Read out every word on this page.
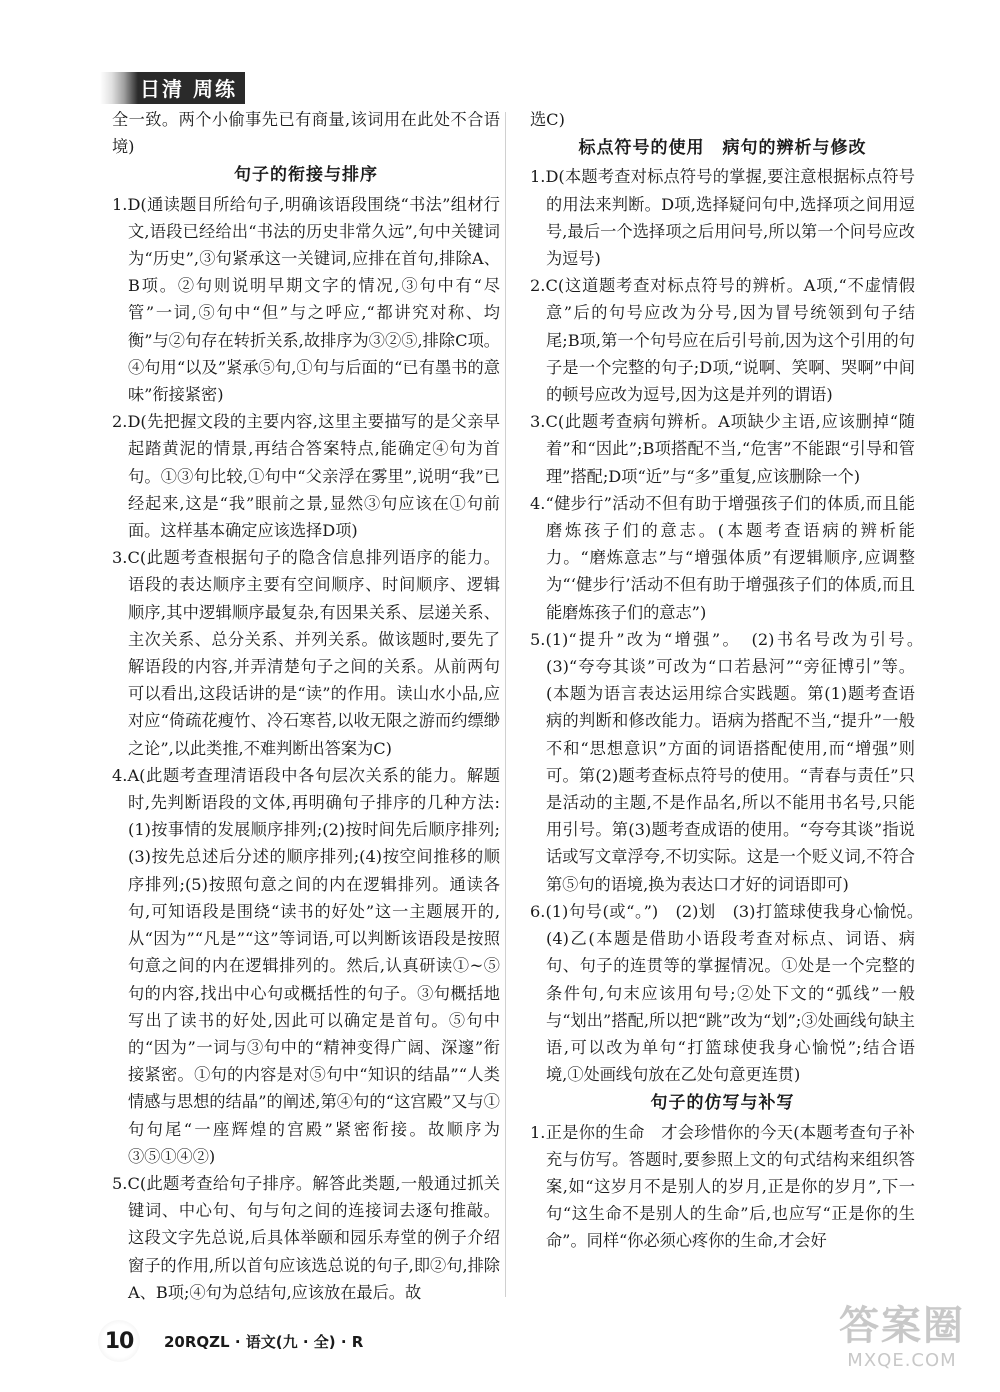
日清 周练

全一致。两个小偷事先已有商量,该词用在此处不合语境)

句子的衔接与排序

1.D(通读题目所给句子,明确该语段围绕“书法”组材行文,语段已经给出“书法的历史非常久远”,句中关键词为“历史”,③句紧承这一关键词,应排在首句,排除A、B项。②句则说明早期文字的情况,③句中有“尽管”一词,⑤句中“但”与之呼应,“都讲究对称、均衡”与②句存在转折关系,故排序为③②⑤,排除C项。④句用“以及”紧承⑤句,①句与后面的“已有墨书的意味”衔接紧密)

2.D(先把握文段的主要内容,这里主要描写的是父亲早起踏黄泥的情景,再结合答案特点,能确定④句为首句。①③句比较,①句中“父亲浮在雾里”,说明“我”已经起来,这是“我”眼前之景,显然③句应该在①句前面。这样基本确定应该选择D项)

3.C(此题考查根据句子的隐含信息排列语序的能力。语段的表达顺序主要有空间顺序、时间顺序、逻辑顺序,其中逻辑顺序最复杂,有因果关系、层递关系、主次关系、总分关系、并列关系。做该题时,要先了解语段的内容,并弄清楚句子之间的关系。从前两句可以看出,这段话讲的是“读”的作用。读山水小品,应对应“倚疏花瘦竹、冷石寒苔,以收无限之游而约缥缈之论”,以此类推,不难判断出答案为C)

4.A(此题考查理清语段中各句层次关系的能力。解题时,先判断语段的文体,再明确句子排序的几种方法:(1)按事情的发展顺序排列;(2)按时间先后顺序排列;(3)按先总述后分述的顺序排列;(4)按空间推移的顺序排列;(5)按照句意之间的内在逻辑排列。通读各句,可知语段是围绕“读书的好处”这一主题展开的,从“因为”“凡是”“这”等词语,可以判断该语段是按照句意之间的内在逻辑排列的。然后,认真研读①~⑤句的内容,找出中心句或概括性的句子。③句概括地写出了读书的好处,因此可以确定是首句。⑤句中的“因为”一词与③句中的“精神变得广阔、深邃”衔接紧密。①句的内容是对⑤句中“知识的结晶”“人类情感与思想的结晶”的阐述,第④句的“这宫殿”又与①句句尾“一座辉煌的宫殿”紧密衔接。故顺序为③⑤①④②)

5.C(此题考查给句子排序。解答此类题,一般通过抓关键词、中心句、句与句之间的连接词去逐句推敲。这段文字先总说,后具体举颐和园乐寿堂的例子介绍窗子的作用,所以首句应该选总说的句子,即②句,排除A、B项;④句为总结句,应该放在最后。故

选C)

标点符号的使用　病句的辨析与修改

1.D(本题考查对标点符号的掌握,要注意根据标点符号的用法来判断。D项,选择疑问句中,选择项之间用逗号,最后一个选择项之后用问号,所以第一个问号应改为逗号)

2.C(这道题考查对标点符号的辨析。A项,“不虚情假意”后的句号应改为分号,因为冒号统领到句子结尾;B项,第一个句号应在后引号前,因为这个引用的句子是一个完整的句子;D项,“说啊、笑啊、哭啊”中间的顿号应改为逗号,因为这是并列的谓语)

3.C(此题考查病句辨析。A项缺少主语,应该删掉“随着”和“因此”;B项搭配不当,“危害”不能跟“引导和管理”搭配;D项“近”与“多”重复,应该删除一个)

4.“健步行”活动不但有助于增强孩子们的体质,而且能磨炼孩子们的意志。(本题考查语病的辨析能力。“磨炼意志”与“增强体质”有逻辑顺序,应调整为“‘健步行’活动不但有助于增强孩子们的体质,而且能磨炼孩子们的意志”)

5.(1)“提升”改为“增强”。　(2)书名号改为引号。　(3)“夸夸其谈”可改为“口若悬河”“旁征博引”等。(本题为语言表达运用综合实践题。第(1)题考查语病的判断和修改能力。语病为搭配不当,“提升”一般不和“思想意识”方面的词语搭配使用,而“增强”则可。第(2)题考查标点符号的使用。“青春与责任”只是活动的主题,不是作品名,所以不能用书名号,只能用引号。第(3)题考查成语的使用。“夸夸其谈”指说话或写文章浮夸,不切实际。这是一个贬义词,不符合第⑤句的语境,换为表达口才好的词语即可)

6.(1)句号(或“。”)　(2)划　(3)打篮球使我身心愉悦。　(4)乙(本题是借助小语段考查对标点、词语、病句、句子的连贯等的掌握情况。①处是一个完整的条件句,句末应该用句号;②处下文的“弧线”一般与“划出”搭配,所以把“跳”改为“划”;③处画线句缺主语,可以改为单句“打篮球使我身心愉悦”;结合语境,①处画线句放在乙处句意更连贯)

句子的仿写与补写

1.正是你的生命　才会珍惜你的今天(本题考查句子补充与仿写。答题时,要参照上文的句式结构来组织答案,如“这岁月不是别人的岁月,正是你的岁月”,下一句“这生命不是别人的生命”后,也应写“正是你的生命”。同样“你必须心疼你的生命,才会好

10	20RQZL · 语文(九 · 全) · R	答案圈
MXQE.COM
